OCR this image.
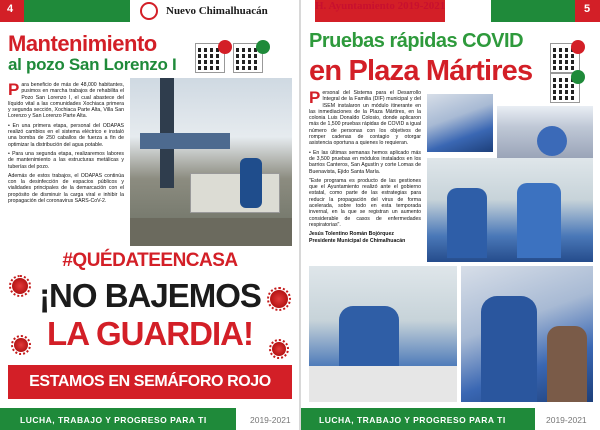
4	Nuevo Chimalhuacán
Mantenimiento
al pozo San Lorenzo I

Para beneficio de más de 48,000 habitantes, pusimos en marcha trabajos de rehabilita el Pozo San Lorenzo I, el cual abastece del líquido vital a las comunidades Xochiaca primera y segunda sección, Xochiaca Parte Alta, Villa San Lorenzo y San Lorenzo Parte Alta.

• En una primera etapa, personal del ODAPAS realizó cambios en el sistema eléctrico e instaló una bomba de 250 caballos de fuerza a fin de optimizar la distribución del agua potable.

• Para una segunda etapa, realizaremos labores de mantenimiento a las estructuras metálicas y tuberías del pozo.

Además de estos trabajos, el ODAPAS continúa con la desinfección de espacios públicos y vialidades principales de la demarcación con el propósito de disminuir la carga viral e inhibir la propagación del coronavirus SARS-CoV-2.

#QUÉDATEENCASA
¡NO BAJEMOS
LA GUARDIA!
ESTAMOS EN SEMÁFORO ROJO
LUCHA, TRABAJO Y PROGRESO PARA TI	2019-2021
H. Ayuntamiento 2019-2021	5
Pruebas rápidas COVID
en Plaza Mártires

Personal del Sistema para el Desarrollo Integral de la Familia (DIF) municipal y del ISEM instalaron un módulo itinerante en las inmediaciones de la Plaza Mártires, en la colonia Luis Donaldo Colosio, donde aplicaron más de 1,500 pruebas rápidas de COVID a igual número de personas con los objetivos de romper cadenas de contagio y otorgar asistencia oportuna a quienes lo requieran.

• En las últimas semanas hemos aplicado más de 3,500 pruebas en módulos instalados en los barrios Canteros, San Agustín y corte Lomas de Buenavista, Ejido Santa María.

"Este programa es producto de las gestiones que el Ayuntamiento realizó ante el gobierno estatal, como parte de las estrategias para reducir la propagación del virus de forma acelerada, sobre todo en esta temporada invernal, en la que se registran un aumento considerable de casos de enfermedades respiratorias".

Jesús Tolentino Román Bojórquez

Presidente Municipal de Chimalhuacán

LUCHA, TRABAJO Y PROGRESO PARA TI	2019-2021
